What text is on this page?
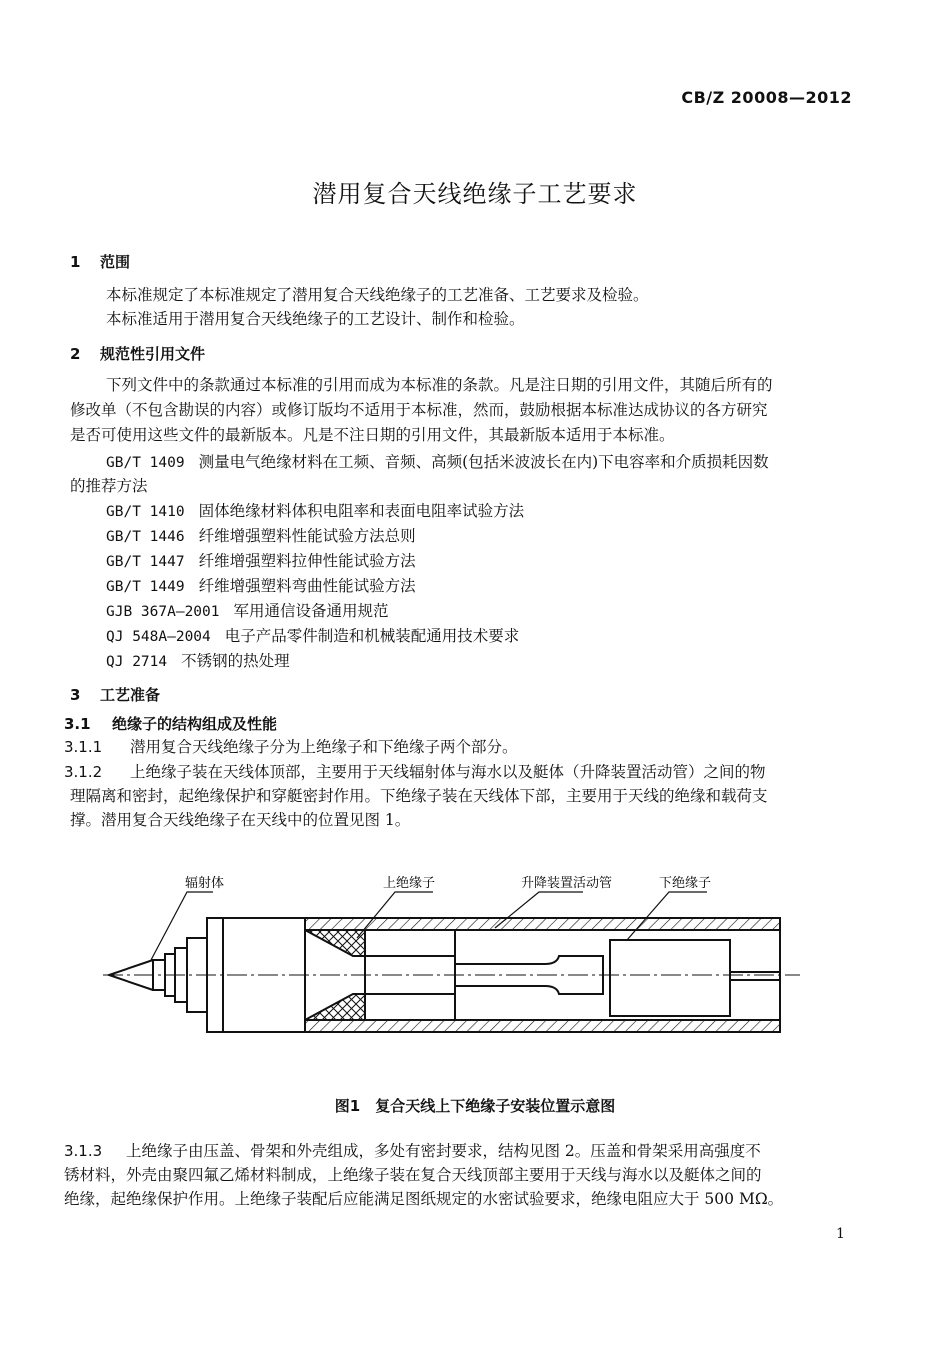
CB/Z 20008—2012
潜用复合天线绝缘子工艺要求
1 范围
本标准规定了本标准规定了潜用复合天线绝缘子的工艺准备、工艺要求及检验。
本标准适用于潜用复合天线绝缘子的工艺设计、制作和检验。
2 规范性引用文件
下列文件中的条款通过本标准的引用而成为本标准的条款。凡是注日期的引用文件，其随后所有的
修改单（不包含勘误的内容）或修订版均不适用于本标准，然而，鼓励根据本标准达成协议的各方研究
是否可使用这些文件的最新版本。凡是不注日期的引用文件，其最新版本适用于本标准。
GB/T 1409 测量电气绝缘材料在工频、音频、高频(包括米波波长在内)下电容率和介质损耗因数
的推荐方法
GB/T 1410 固体绝缘材料体积电阻率和表面电阻率试验方法
GB/T 1446 纤维增强塑料性能试验方法总则
GB/T 1447 纤维增强塑料拉伸性能试验方法
GB/T 1449 纤维增强塑料弯曲性能试验方法
GJB 367A—2001 军用通信设备通用规范
QJ 548A—2004 电子产品零件制造和机械装配通用技术要求
QJ 2714 不锈钢的热处理
3 工艺准备
3.1 绝缘子的结构组成及性能
3.1.1 潜用复合天线绝缘子分为上绝缘子和下绝缘子两个部分。
3.1.2 上绝缘子装在天线体顶部，主要用于天线辐射体与海水以及艇体（升降装置活动管）之间的物
理隔离和密封，起绝缘保护和穿艇密封作用。下绝缘子装在天线体下部，主要用于天线的绝缘和载荷支
撑。潜用复合天线绝缘子在天线中的位置见图 1。
辐射体	上绝缘子	升降装置活动管	下绝缘子
图1　复合天线上下绝缘子安装位置示意图
3.1.3 上绝缘子由压盖、骨架和外壳组成，多处有密封要求，结构见图 2。压盖和骨架采用高强度不
锈材料，外壳由聚四氟乙烯材料制成，上绝缘子装在复合天线顶部主要用于天线与海水以及艇体之间的
绝缘，起绝缘保护作用。上绝缘子装配后应能满足图纸规定的水密试验要求，绝缘电阻应大于 500 MΩ。
1
